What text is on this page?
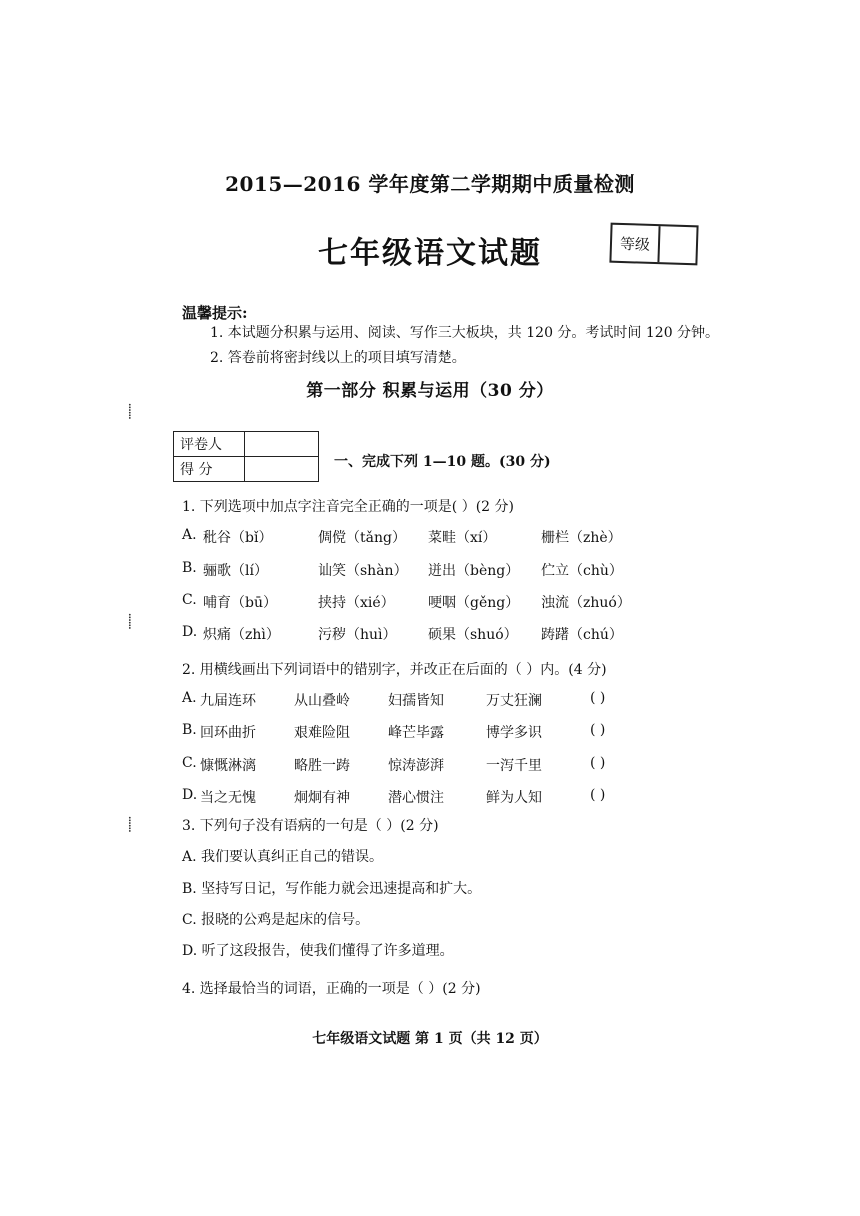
2015—2016 学年度第二学期期中质量检测
七年级语文试题	等级
温馨提示:
1. 本试题分积累与运用、阅读、写作三大板块，共 120 分。考试时间 120 分钟。
2. 答卷前将密封线以上的项目填写清楚。
第一部分 积累与运用（30 分）
评卷人	
得 分		一、完成下列 1—10 题。(30 分)
1. 下列选项中加点字注音完全正确的一项是( ）(2 分)
A. 秕谷（bǐ）	倜傥（tǎng） 菜畦（xí）	栅栏（zhè）
B. 骊歌（lí）	讪笑（shàn） 迸出（bèng） 伫立（chù）
C. 哺育（bū）	挟持（xié） 哽咽（gěng） 浊流（zhuó）
D. 炽痛（zhì）	污秽（huì） 硕果（shuó） 踌躇（chú）
2. 用横线画出下列词语中的错别字，并改正在后面的（ ）内。(4 分)
A. 九届连环	从山叠岭	妇孺皆知	万丈狂澜	( )
B. 回环曲折	艰难险阻	峰芒毕露	博学多识	( )
C. 慷慨淋漓	略胜一踌	惊涛澎湃	一泻千里	( )
D. 当之无愧	炯炯有神	潜心惯注	鲜为人知	( )
3. 下列句子没有语病的一句是（ ）(2 分)
A. 我们要认真纠正自己的错误。
B. 坚持写日记，写作能力就会迅速提高和扩大。
C. 报晓的公鸡是起床的信号。
D. 听了这段报告，使我们懂得了许多道理。
4. 选择最恰当的词语，正确的一项是（ ）(2 分)
七年级语文试题 第 1 页（共 12 页）
⸽
⸽
⸽
